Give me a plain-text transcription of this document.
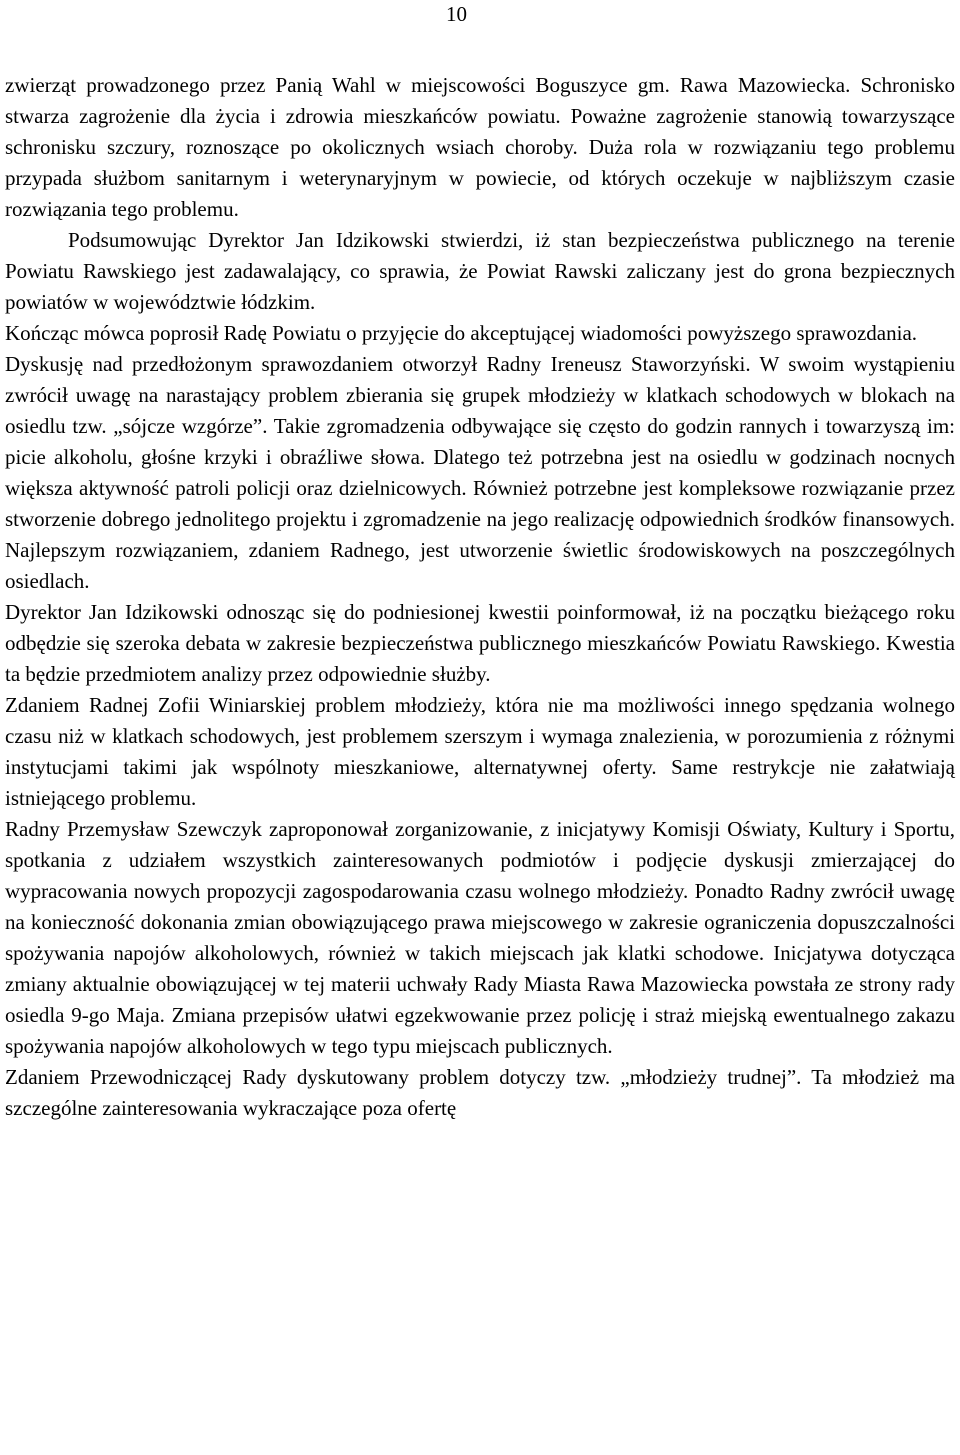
10

zwierząt prowadzonego przez Panią Wahl w miejscowości Boguszyce gm. Rawa Mazowiecka. Schronisko stwarza zagrożenie dla życia i zdrowia mieszkańców powiatu. Poważne zagrożenie stanowią towarzyszące schronisku szczury, roznoszące po okolicznych wsiach choroby. Duża rola w rozwiązaniu tego problemu przypada służbom sanitarnym i weterynaryjnym w powiecie, od których oczekuje w najbliższym czasie rozwiązania tego problemu.

Podsumowując Dyrektor Jan Idzikowski stwierdzi, iż stan bezpieczeństwa publicznego na terenie Powiatu Rawskiego jest zadawalający, co sprawia, że Powiat Rawski zaliczany jest do grona bezpiecznych powiatów w województwie łódzkim.

Kończąc mówca poprosił Radę Powiatu o przyjęcie do akceptującej wiadomości powyższego sprawozdania.

Dyskusję nad przedłożonym sprawozdaniem otworzył Radny Ireneusz Staworzyński. W swoim wystąpieniu zwrócił uwagę na narastający problem zbierania się grupek młodzieży w klatkach schodowych w blokach na osiedlu tzw. „sójcze wzgórze”. Takie zgromadzenia odbywające się często do godzin rannych i towarzyszą im: picie alkoholu, głośne krzyki i obraźliwe słowa. Dlatego też potrzebna jest na osiedlu w godzinach nocnych większa aktywność patroli policji oraz dzielnicowych. Również potrzebne jest kompleksowe rozwiązanie przez stworzenie dobrego jednolitego projektu i zgromadzenie na jego realizację odpowiednich środków finansowych. Najlepszym rozwiązaniem, zdaniem Radnego, jest utworzenie świetlic środowiskowych na poszczególnych osiedlach.

Dyrektor Jan Idzikowski odnosząc się do podniesionej kwestii poinformował, iż na początku bieżącego roku odbędzie się szeroka debata w zakresie bezpieczeństwa publicznego mieszkańców Powiatu Rawskiego. Kwestia ta będzie przedmiotem analizy przez odpowiednie służby.

Zdaniem Radnej Zofii Winiarskiej problem młodzieży, która nie ma możliwości innego spędzania wolnego czasu niż w klatkach schodowych, jest problemem szerszym i wymaga znalezienia, w porozumienia z różnymi instytucjami takimi jak wspólnoty mieszkaniowe, alternatywnej oferty. Same restrykcje nie załatwiają istniejącego problemu.

Radny Przemysław Szewczyk zaproponował zorganizowanie, z inicjatywy Komisji Oświaty, Kultury i Sportu, spotkania z udziałem wszystkich zainteresowanych podmiotów i podjęcie dyskusji zmierzającej do wypracowania nowych propozycji zagospodarowania czasu wolnego młodzieży. Ponadto Radny zwrócił uwagę na konieczność dokonania zmian obowiązującego prawa miejscowego w zakresie ograniczenia dopuszczalności spożywania napojów alkoholowych, również w takich miejscach jak klatki schodowe. Inicjatywa dotycząca zmiany aktualnie obowiązującej w tej materii uchwały Rady Miasta Rawa Mazowiecka powstała ze strony rady osiedla 9-go Maja. Zmiana przepisów ułatwi egzekwowanie przez policję i straż miejską ewentualnego zakazu spożywania napojów alkoholowych w tego typu miejscach publicznych.

Zdaniem Przewodniczącej Rady dyskutowany problem dotyczy tzw. „młodzieży trudnej”. Ta młodzież ma szczególne zainteresowania wykraczające poza ofertę
